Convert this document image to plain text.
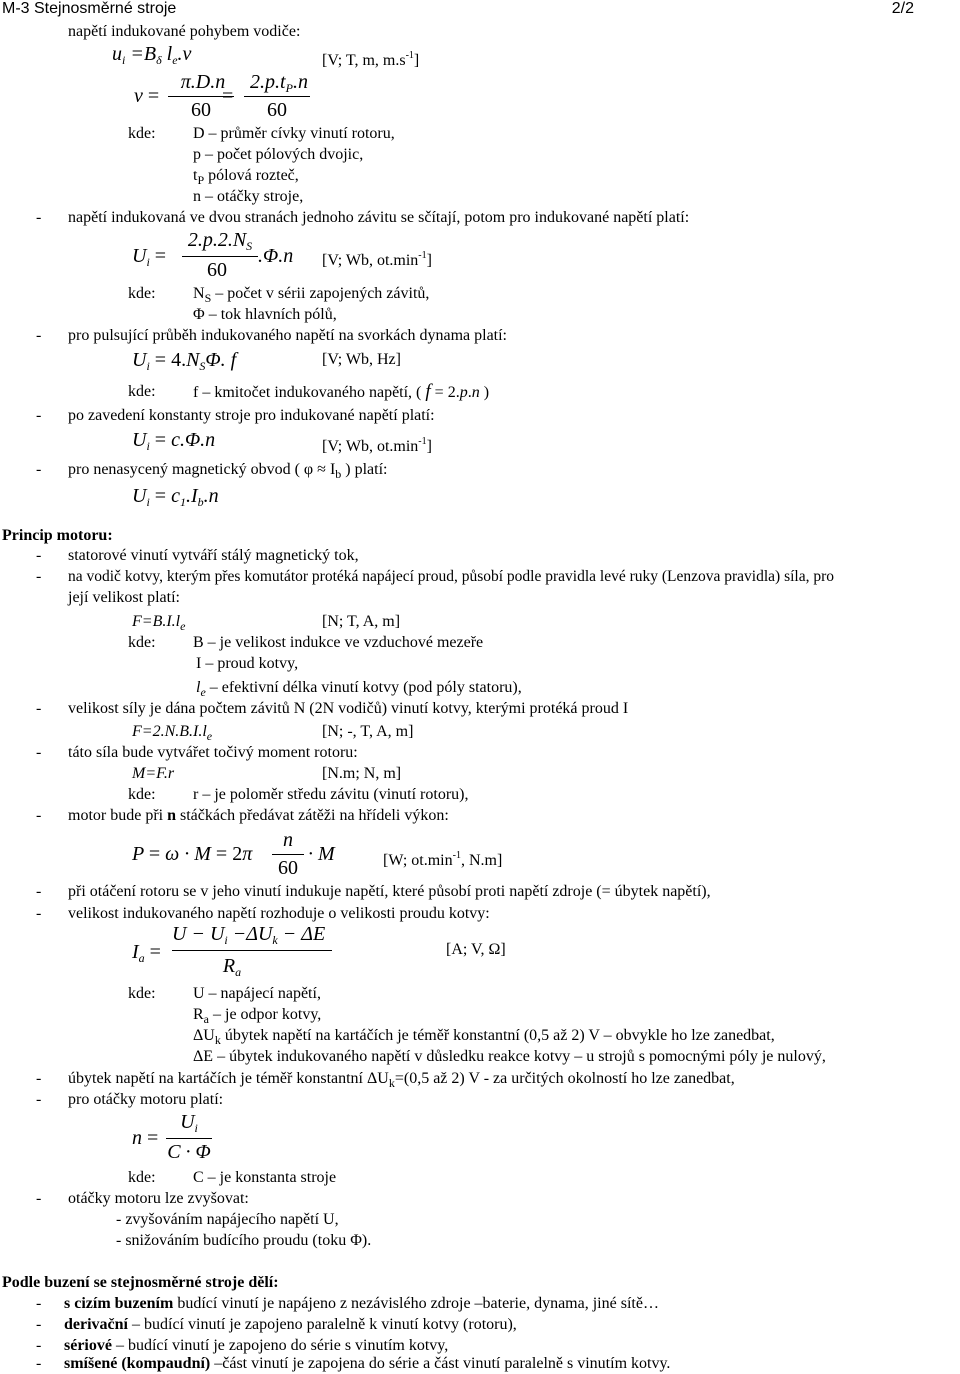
M-3 Stejnosměrné stroje	2/2
napětí indukované pohybem vodiče:
$u_i =B_\delta$ $l_e.v$	[V; T, m, $m.s^{-1}$]
v =
π.D.n
60
=
$2.p.t_P.n$
60
kde: D – průměr cívky vinutí rotoru,
p – počet pólových dvojic,
$t_P$ pólová rozteč,
n – otáčky stroje,
- napětí indukovaná ve dvou stranách jednoho závitu se sčítají, potom pro indukované napětí platí:
$U_i$ =
$2.p.2.N_S$
60
.Φ.n [V; Wb, $ot.\min^{-1}$]
kde: $N_S$ – počet v sérii zapojených závitů,
Φ – tok hlavních pólů,
- pro pulsující průběh indukovaného napětí na svorkách dynama platí:
$U_i = 4.N_S\Phi$. f	[V; Wb, Hz]
kde: f – kmitočet indukovaného napětí, ( f = 2.p.n )
- po zavedení konstanty stroje pro indukované napětí platí:
$U_i = c.\Phi.n$	[V; Wb, $ot.\min^{-1}$]
- pro nenasycený magnetický obvod ( $\varphi \approx I_b$ ) platí:
$U_i = c_1.I_b.n$
Princip motoru:
- statorové vinutí vytváří stálý magnetický tok,
- na vodič kotvy, kterým přes komutátor protéká napájecí proud, působí podle pravidla levé ruky (Lenzova pravidla) síla, pro
její velikost platí:
$F=B.I.l_e$	[N; T, A, m]
kde: B – je velikost indukce ve vzduchové mezeře
I – proud kotvy,
$l_e$ – efektivní délka vinutí kotvy (pod póly statoru),
- velikost síly je dána počtem závitů N (2N vodičů) vinutí kotvy, kterými protéká proud I
$F=2.N.B.I.l_e$	[N; -, T, A, m]
- táto síla bude vytvářet točivý moment rotoru:
M=F.r	[N.m; N, m]
kde: r – je poloměr středu závitu (vinutí rotoru),
- motor bude při n stáčkách předávat zátěži na hřídeli výkon:
P = ω · M = 2π
n
60
· M	[W; $ot.\min^{-1}$, N.m]
- při otáčení rotoru se v jeho vinutí indukuje napětí, které působí proti napětí zdroje (= úbytek napětí),
- velikost indukovaného napětí rozhoduje o velikosti proudu kotvy:
$I_a$ =
$U - U_i -\Delta U_k - \Delta E$
$R_a$
[A; V, Ω]
kde: U – napájecí napětí,
$R_a$ – je odpor kotvy,
$\Delta U_k$ úbytek napětí na kartáčích je téměř konstantní (0,5 až 2) V – obvykle ho lze zanedbat,
ΔE – úbytek indukovaného napětí v důsledku reakce kotvy – u strojů s pomocnými póly je nulový,
- úbytek napětí na kartáčích je téměř konstantní $\Delta U_k=(0,5$ až 2) V - za určitých okolností ho lze zanedbat,
- pro otáčky motoru platí:
n =
$U_i$
C · Φ
kde: C – je konstanta stroje
- otáčky motoru lze zvyšovat:
- zvyšováním napájecího napětí U,
- snižováním budícího proudu (toku Φ).
Podle buzení se stejnosměrné stroje dělí:
- s cizím buzením budící vinutí je napájeno z nezávislého zdroje –baterie, dynama, jiné sítě…
- derivační – budící vinutí je zapojeno paralelně k vinutí kotvy (rotoru),
- sériové – budící vinutí je zapojeno do série s vinutím kotvy,
- smíšené (kompaudní) –část vinutí je zapojena do série a část vinutí paralelně s vinutím kotvy.
